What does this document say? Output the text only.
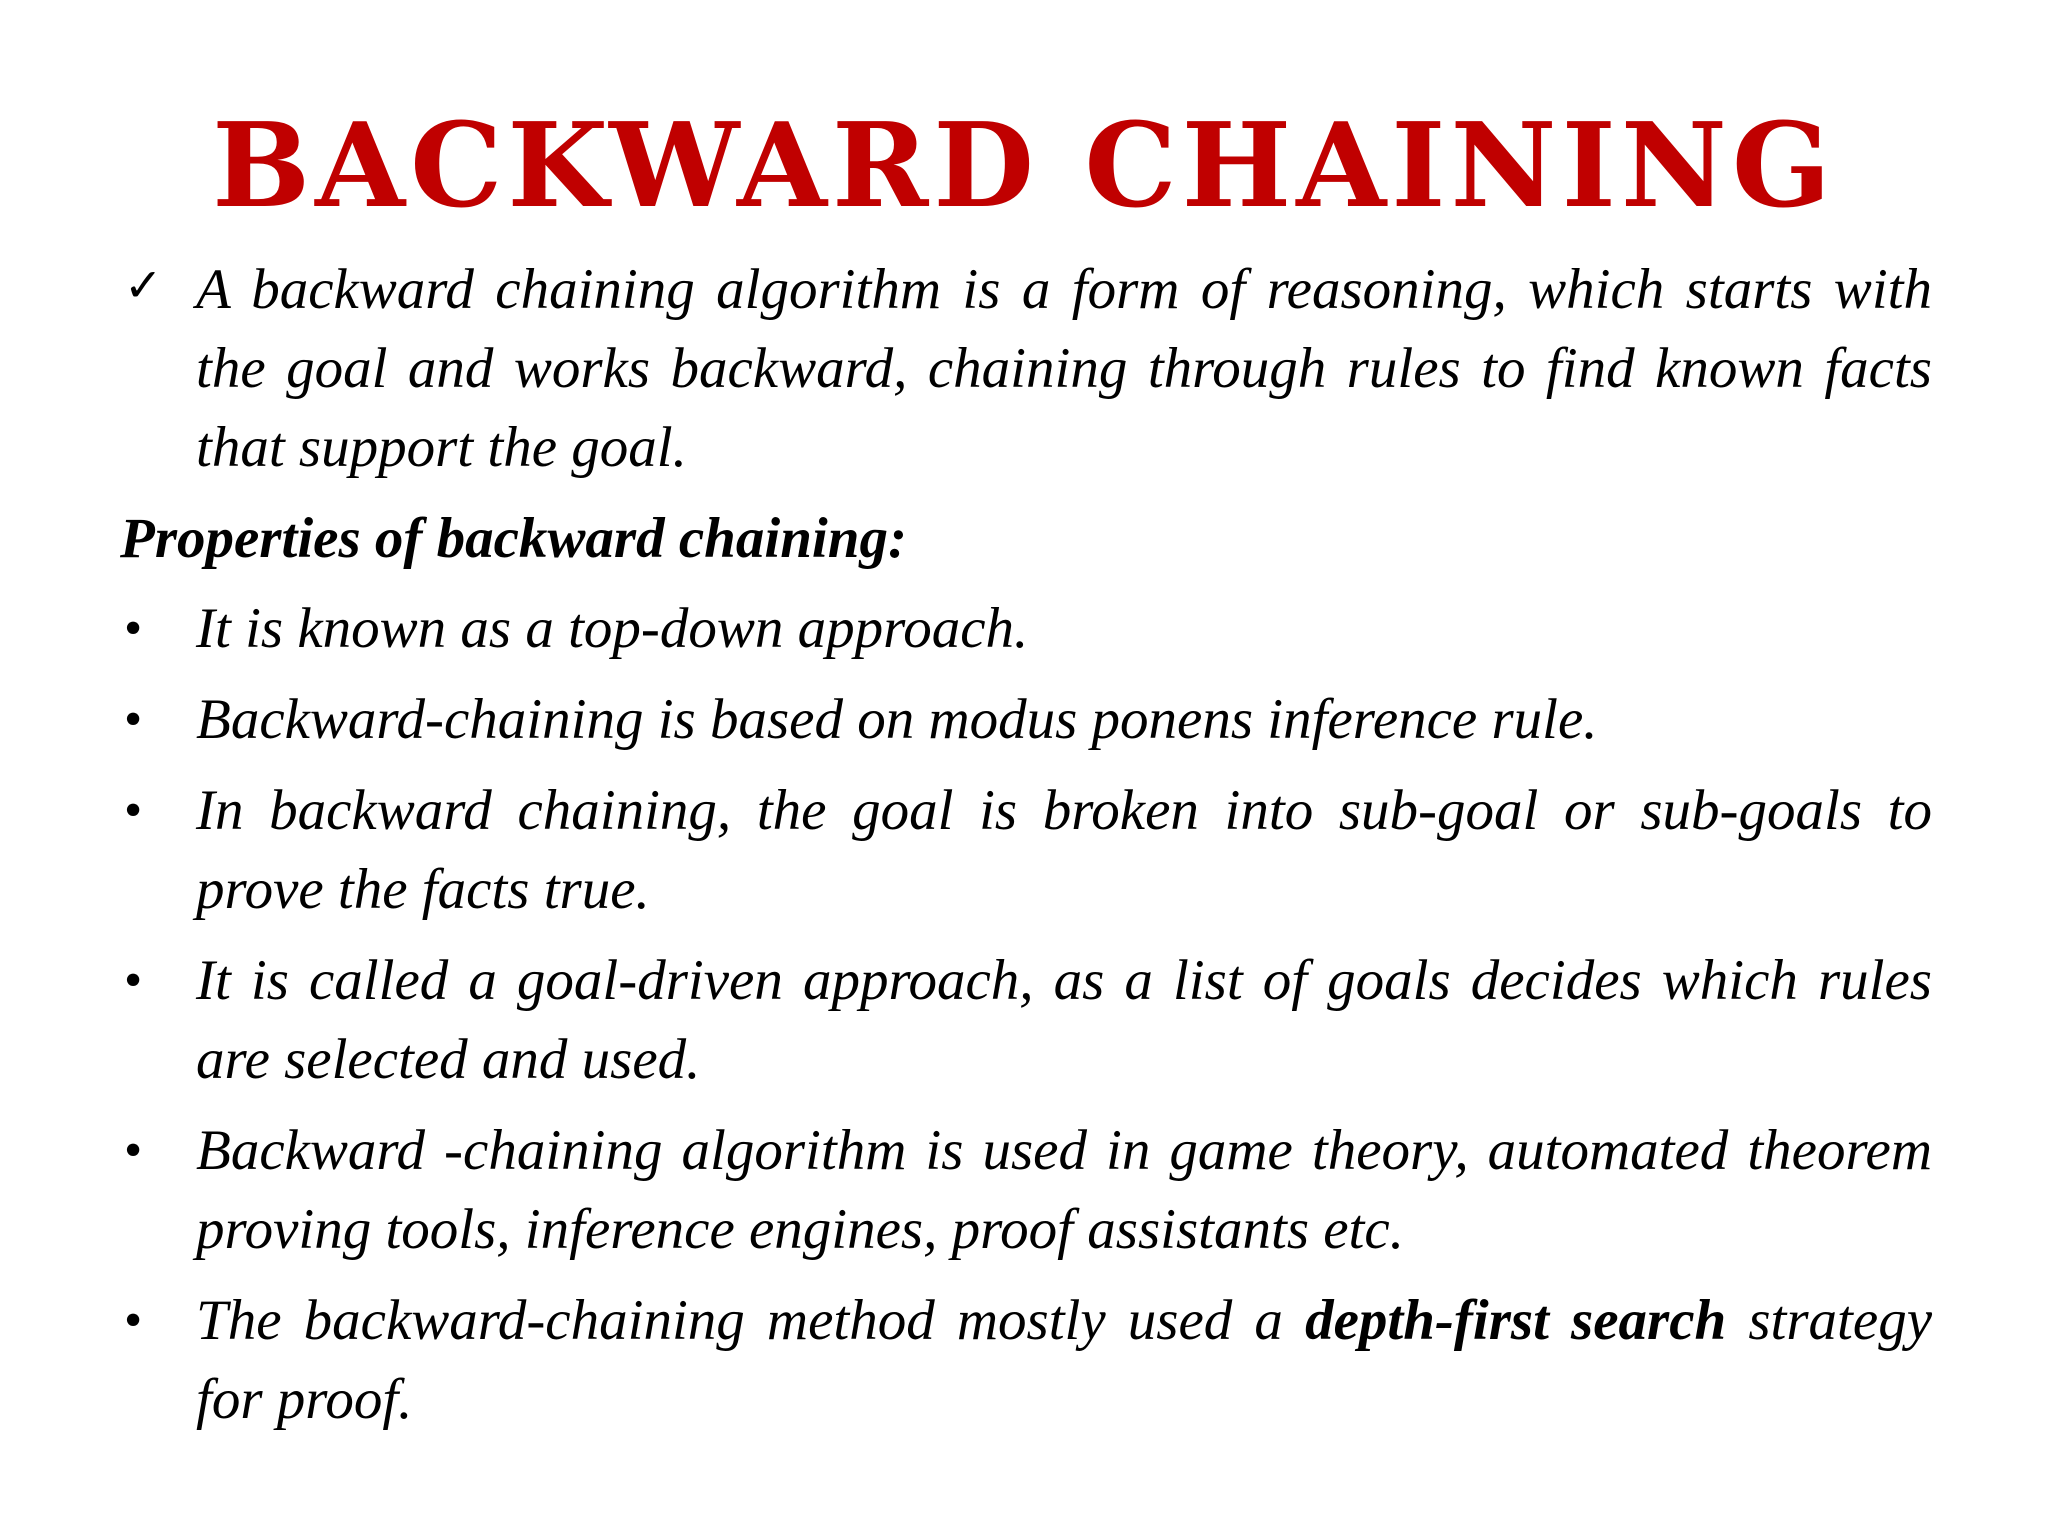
BACKWARD CHAINING
✓ A backward chaining algorithm is a form of reasoning, which starts with the goal and works backward, chaining through rules to find known facts that support the goal.
Properties of backward chaining:
• It is known as a top-down approach.
• Backward-chaining is based on modus ponens inference rule.
• In backward chaining, the goal is broken into sub-goal or sub-goals to prove the facts true.
• It is called a goal-driven approach, as a list of goals decides which rules are selected and used.
• Backward -chaining algorithm is used in game theory, automated theorem proving tools, inference engines, proof assistants etc.
• The backward-chaining method mostly used a depth-first search strategy for proof.
